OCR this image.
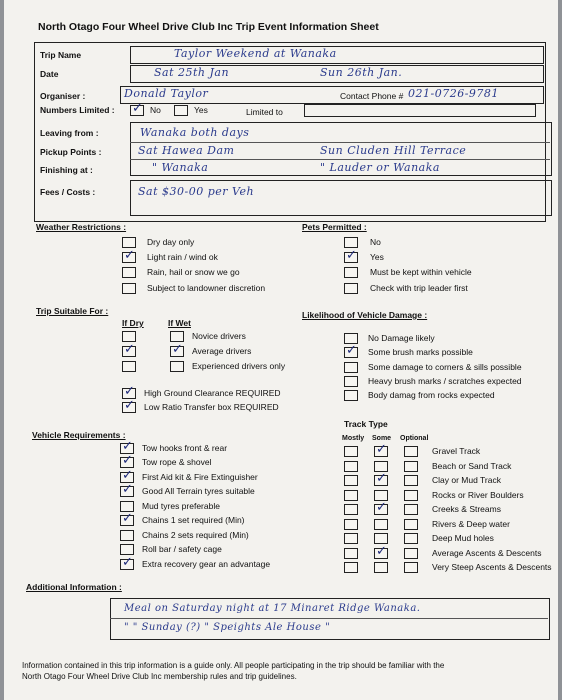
North Otago Four Wheel Drive Club Inc Trip Event Information Sheet
Trip Name	Taylor Weekend at Wanaka
Date	Sat 25th Jan	Sun 26th Jan.
Organiser :	Donald Taylor	Contact Phone # 021-0726-9781
Numbers Limited :
✓	No	Yes	Limited to
Leaving from :	Wanaka both days
Pickup Points :	Sat Hawea Dam	Sun Cluden Hill Terrace
Finishing at :	" Wanaka	" Lauder or Wanaka
Fees / Costs :	Sat $30-00 per Veh
Weather Restrictions :
Dry day only
✓
Light rain / wind ok
Rain, hail or snow we go
Subject to landowner discretion
Pets Permitted :
No
✓
Yes
Must be kept within vehicle
Check with trip leader first
Trip Suitable For :
If Dry	If Wet
Novice drivers
✓
✓
Average drivers
Experienced drivers only
✓
High Ground Clearance REQUIRED
✓
Low Ratio Transfer box REQUIRED
Likelihood of Vehicle Damage :
No Damage likely
✓
Some brush marks possible
Some damage to corners & sills possible
Heavy brush marks / scratches expected
Body damag from rocks expected
Vehicle Requirements :
✓
Tow hooks front & rear
✓
Tow rope & shovel
✓
First Aid kit & Fire Extinguisher
✓
Good All Terrain tyres suitable
Mud tyres preferable
✓
Chains 1 set required (Min)
Chains 2 sets required (Min)
Roll bar / safety cage
✓
Extra recovery gear an advantage
Track Type
Mostly Some Optional
✓
Gravel Track
Beach or Sand Track
✓
Clay or Mud Track
Rocks or River Boulders
✓
Creeks & Streams
Rivers & Deep water
Deep Mud holes
✓
Average Ascents & Descents
Very Steep Ascents & Descents
Additional Information :
Meal on Saturday night at 17 Minaret Ridge Wanaka.
" " Sunday (?) " Speights Ale House "
Information contained in this trip information is a guide only. All people participating in the trip should be familiar with the
North Otago Four Wheel Drive Club Inc membership rules and trip guidelines.
